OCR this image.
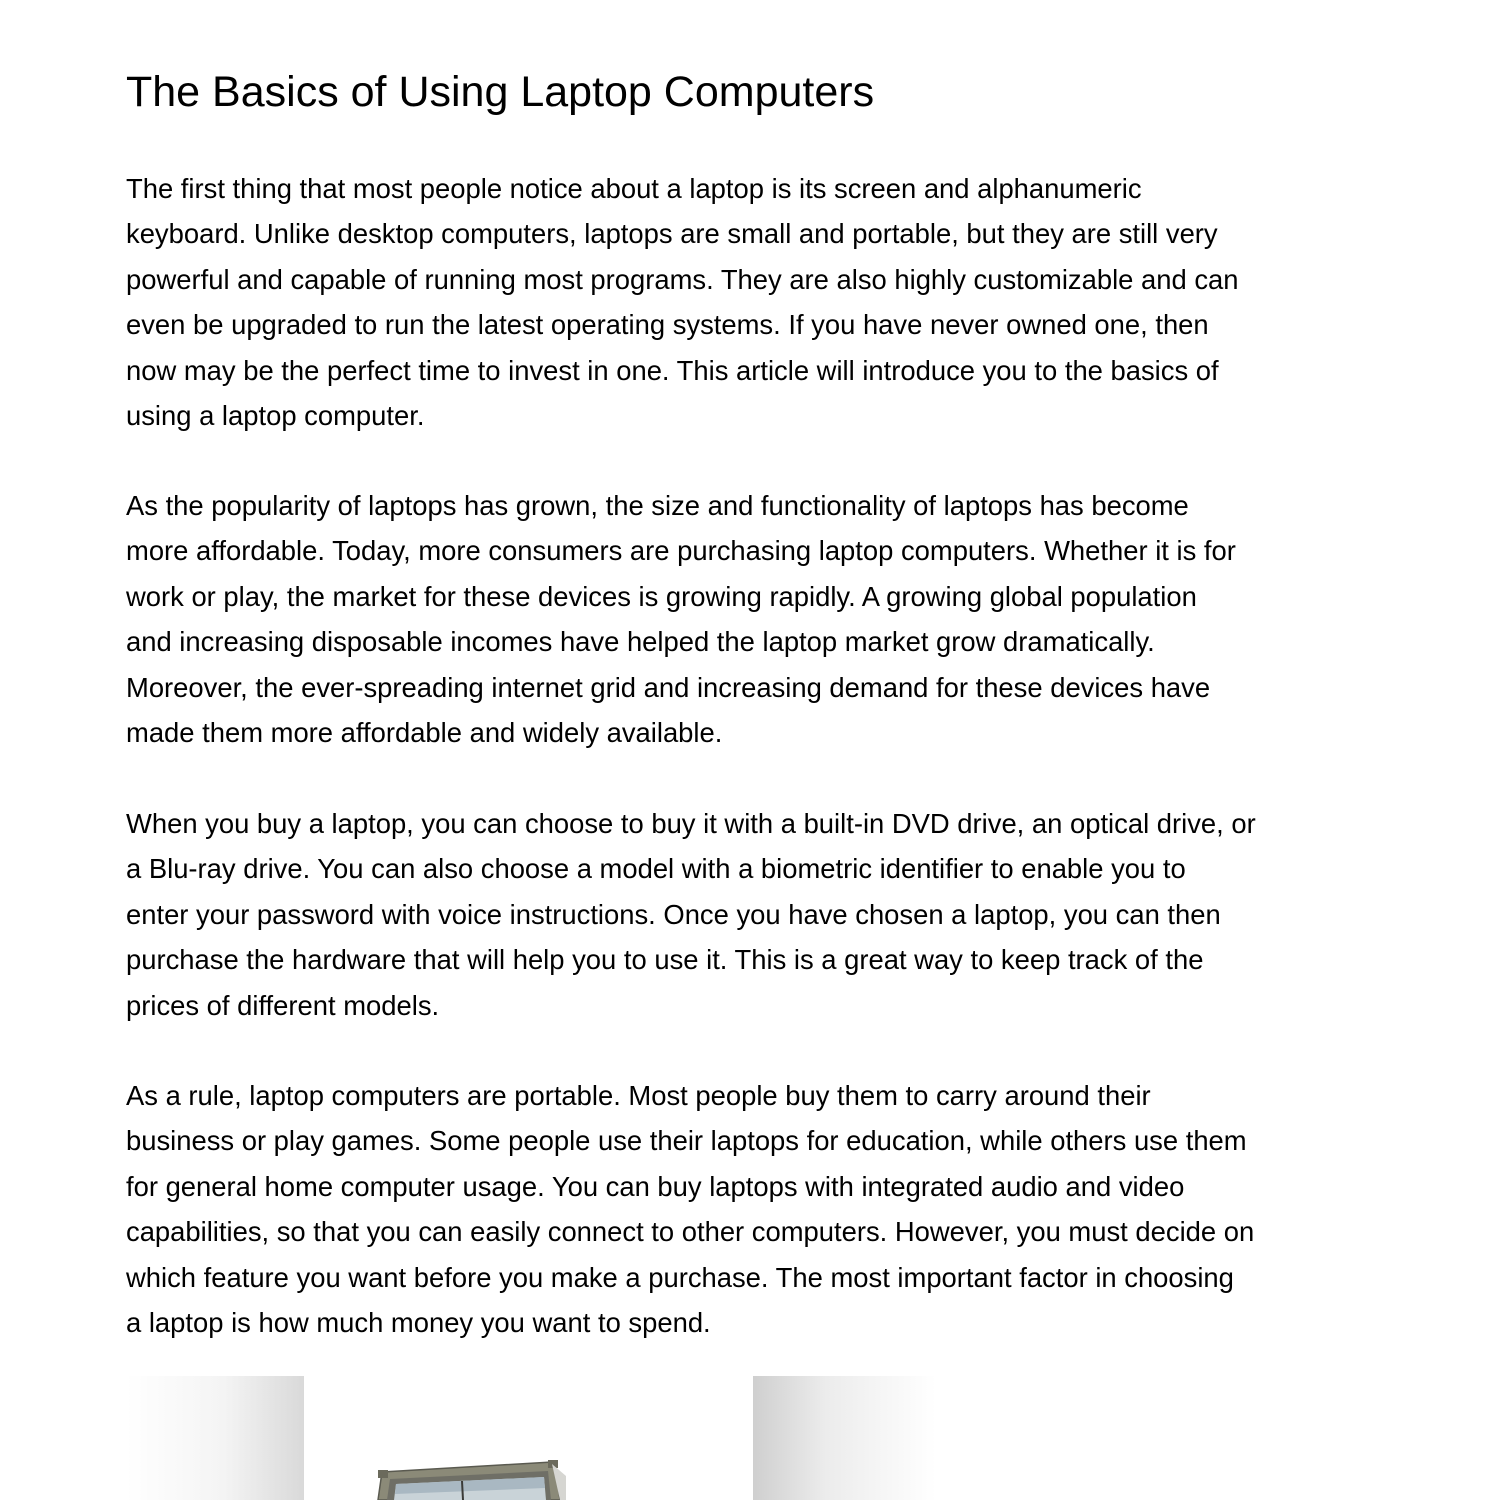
The Basics of Using Laptop Computers

The first thing that most people notice about a laptop is its screen and alphanumeric
keyboard. Unlike desktop computers, laptops are small and portable, but they are still very
powerful and capable of running most programs. They are also highly customizable and can
even be upgraded to run the latest operating systems. If you have never owned one, then
now may be the perfect time to invest in one. This article will introduce you to the basics of
using a laptop computer.

As the popularity of laptops has grown, the size and functionality of laptops has become
more affordable. Today, more consumers are purchasing laptop computers. Whether it is for
work or play, the market for these devices is growing rapidly. A growing global population
and increasing disposable incomes have helped the laptop market grow dramatically.
Moreover, the ever-spreading internet grid and increasing demand for these devices have
made them more affordable and widely available.

When you buy a laptop, you can choose to buy it with a built-in DVD drive, an optical drive, or
a Blu-ray drive. You can also choose a model with a biometric identifier to enable you to
enter your password with voice instructions. Once you have chosen a laptop, you can then
purchase the hardware that will help you to use it. This is a great way to keep track of the
prices of different models.

As a rule, laptop computers are portable. Most people buy them to carry around their
business or play games. Some people use their laptops for education, while others use them
for general home computer usage. You can buy laptops with integrated audio and video
capabilities, so that you can easily connect to other computers. However, you must decide on
which feature you want before you make a purchase. The most important factor in choosing
a laptop is how much money you want to spend.
